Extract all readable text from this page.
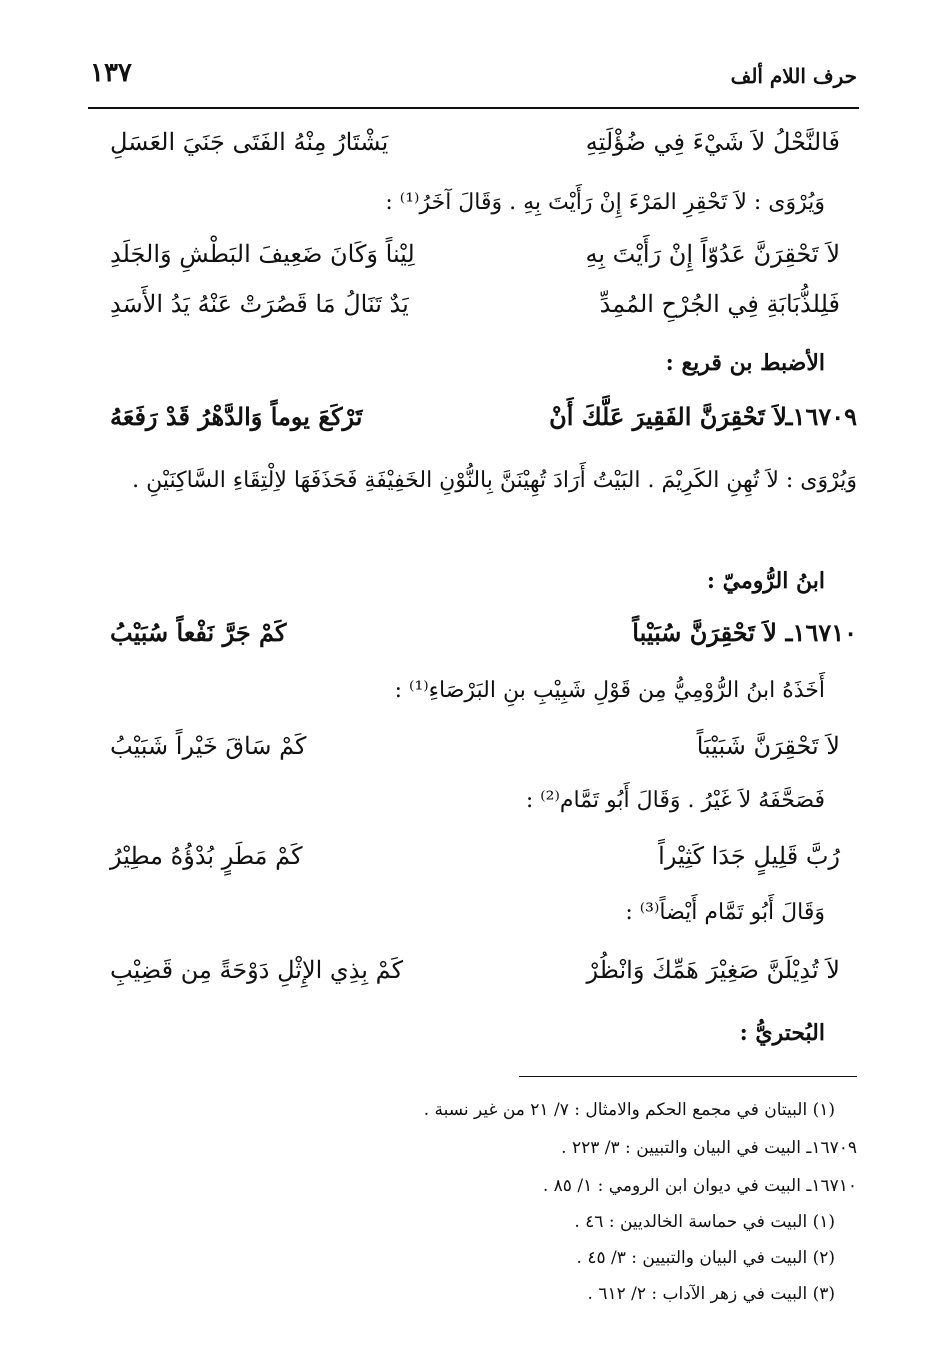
حرف اللام ألف
١٣٧
فَالنَّحْلُ لاَ شَيْءَ فِي ضُؤْلَتِهِ
يَشْتَارُ مِنْهُ الفَتَى جَنَيَ العَسَلِ
وَيُرْوَى : لاَ تَحْقِرِ المَرْءَ إِنْ رَأَيْتَ بِهِ . وَقَالَ آخَرُ⁽¹⁾ :
لاَ تَحْقِرَنَّ عَدُوّاً إِنْ رَأَيْتَ بِهِ
لِيْناً وَكَانَ ضَعِيفَ البَطْشِ وَالجَلَدِ
فَلِلذُّبَابَةِ فِي الجُرْحِ المُمِدِّ
يَدٌ تَنَالُ مَا قَصُرَتْ عَنْهُ يَدُ الأَسَدِ
الأضبط بن قريع :
١٦٧٠٩ـ
لاَ تَحْقِرَنَّ الفَقِيرَ عَلَّكَ أَنْ
تَرْكَعَ يوماً وَالدَّهْرُ قَدْ رَفَعَهُ
وَيُرْوَى : لاَ تُهِنِ الكَرِيْمَ . البَيْتُ أَرَادَ تُهِيْنَنَّ بِالنُّوْنِ الخَفِيْفَةِ فَحَذَفَهَا لاِلْتِقَاءِ السَّاكِنَيْنِ .
ابنُ الرُّوميّ :
١٦٧١٠ـ
لاَ تَحْقِرَنَّ سُبَيْباً
كَمْ جَرَّ نَفْعاً سُبَيْبُ
أَخَذَهُ ابنُ الرُّوْمِيُّ مِن قَوْلِ شَبِيْبِ بنِ البَرْصَاءِ⁽¹⁾ :
لاَ تَحْقِرَنَّ شَبَيْبَاً
كَمْ سَاقَ خَيْراً شَبَيْبُ
فَصَحَّفَهُ لاَ غَيْرُ . وَقَالَ أَبُو تَمَّام⁽²⁾ :
رُبَّ قَلِيلٍ جَدَا كَثِيْراً
كَمْ مَطَرٍ بُدْؤُهُ مطِيْرُ
وَقَالَ أَبُو تَمَّام أَيْضاً⁽³⁾ :
لاَ تُدِيْلَنَّ صَغِيْرَ هَمِّكَ وَانْظُرْ
كَمْ بِذِي الإِثْلِ دَوْحَةً مِن قَضِيْبِ
البُحتريُّ :
(١) البيتان في مجمع الحكم والامثال : ٧/ ٢١ من غير نسبة .
١٦٧٠٩ـ البيت في البيان والتبيين : ٣/ ٢٢٣ .
١٦٧١٠ـ البيت في ديوان ابن الرومي : ١/ ٨٥ .
(١) البيت في حماسة الخالديين : ٤٦ .
(٢) البيت في البيان والتبيين : ٣/ ٤٥ .
(٣) البيت في زهر الآداب : ٢/ ٦١٢ .
